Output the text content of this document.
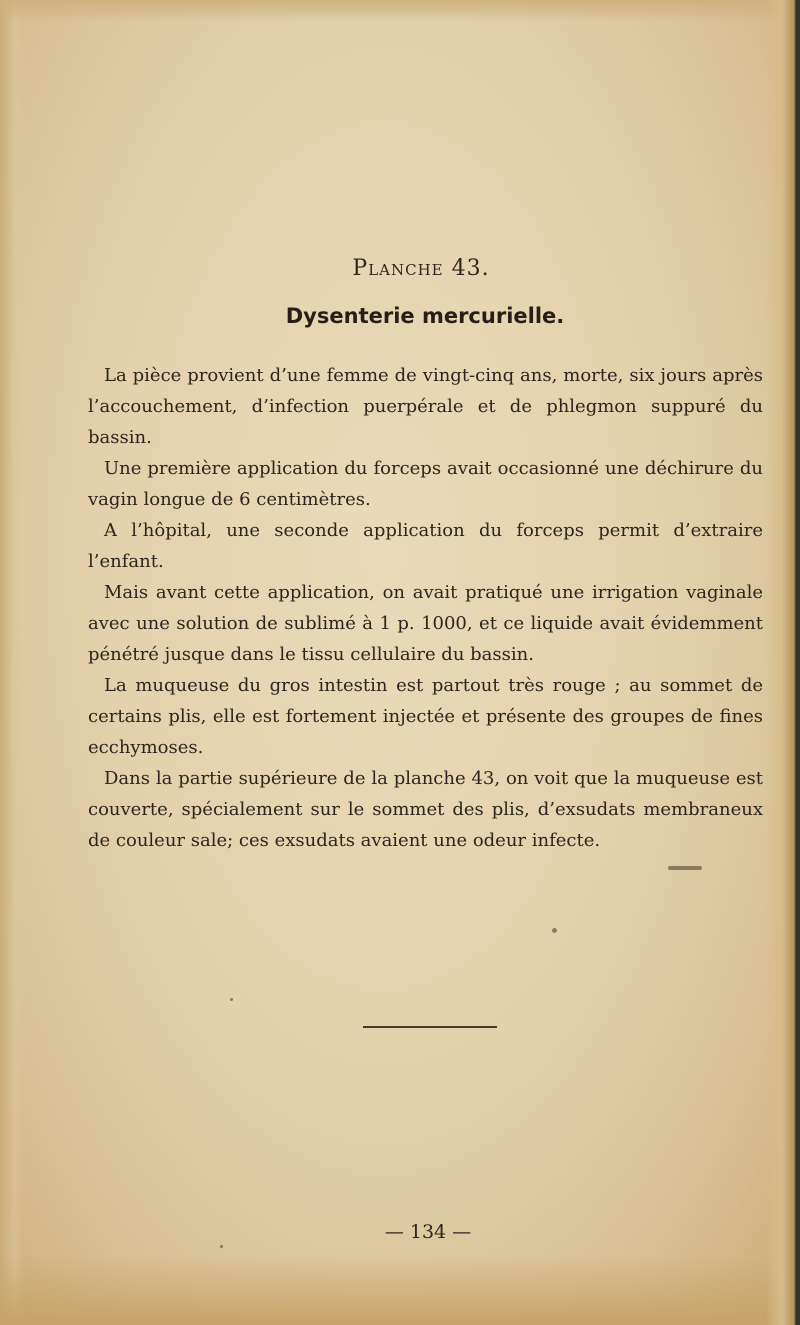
Planche 43.
Dysenterie mercurielle.

La pièce provient d’une femme de vingt-cinq ans, morte, six jours après l’accouchement, d’infection puerpérale et de phlegmon suppuré du bassin.

Une première application du forceps avait occasionné une déchirure du vagin longue de 6 centimètres.

A l’hôpital, une seconde application du forceps permit d’extraire l’enfant.

Mais avant cette application, on avait pratiqué une irrigation vaginale avec une solution de sublimé à 1 p. 1000, et ce liquide avait évidemment pénétré jusque dans le tissu cellulaire du bassin.

La muqueuse du gros intestin est partout très rouge ; au sommet de certains plis, elle est fortement injectée et présente des groupes de fines ecchymoses.

Dans la partie supérieure de la planche 43, on voit que la muqueuse est couverte, spécialement sur le sommet des plis, d’exsudats membraneux de couleur sale; ces exsudats avaient une odeur infecte.

— 134 —
